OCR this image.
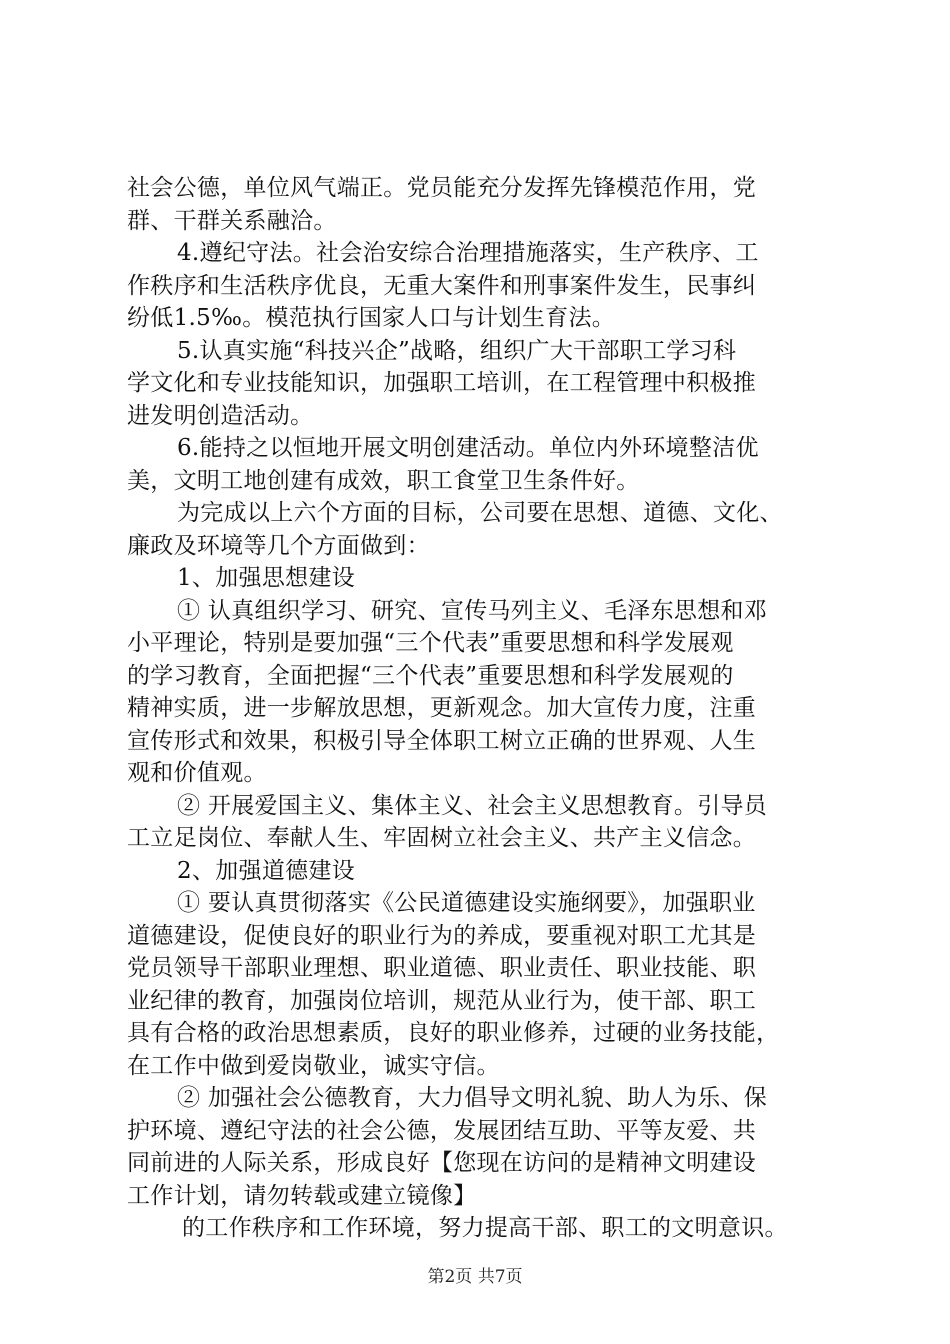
社会公德，单位风气端正。党员能充分发挥先锋模范作用，党
群、干群关系融洽。
4.遵纪守法。社会治安综合治理措施落实，生产秩序、工
作秩序和生活秩序优良，无重大案件和刑事案件发生，民事纠
纷低1.5‰。模范执行国家人口与计划生育法。
5.认真实施“科技兴企”战略，组织广大干部职工学习科
学文化和专业技能知识，加强职工培训，在工程管理中积极推
进发明创造活动。
6.能持之以恒地开展文明创建活动。单位内外环境整洁优
美，文明工地创建有成效，职工食堂卫生条件好。
为完成以上六个方面的目标，公司要在思想、道德、文化、
廉政及环境等几个方面做到：
1、加强思想建设
① 认真组织学习、研究、宣传马列主义、毛泽东思想和邓
小平理论，特别是要加强“三个代表”重要思想和科学发展观
的学习教育，全面把握“三个代表”重要思想和科学发展观的
精神实质，进一步解放思想，更新观念。加大宣传力度，注重
宣传形式和效果，积极引导全体职工树立正确的世界观、人生
观和价值观。
② 开展爱国主义、集体主义、社会主义思想教育。引导员
工立足岗位、奉献人生、牢固树立社会主义、共产主义信念。
2、加强道德建设
① 要认真贯彻落实《公民道德建设实施纲要》，加强职业
道德建设，促使良好的职业行为的养成，要重视对职工尤其是
党员领导干部职业理想、职业道德、职业责任、职业技能、职
业纪律的教育，加强岗位培训，规范从业行为，使干部、职工
具有合格的政治思想素质，良好的职业修养，过硬的业务技能，
在工作中做到爱岗敬业，诚实守信。
② 加强社会公德教育，大力倡导文明礼貌、助人为乐、保
护环境、遵纪守法的社会公德，发展团结互助、平等友爱、共
同前进的人际关系，形成良好【您现在访问的是精神文明建设
工作计划，请勿转载或建立镜像】
的工作秩序和工作环境，努力提高干部、职工的文明意识。
第2页 共7页
